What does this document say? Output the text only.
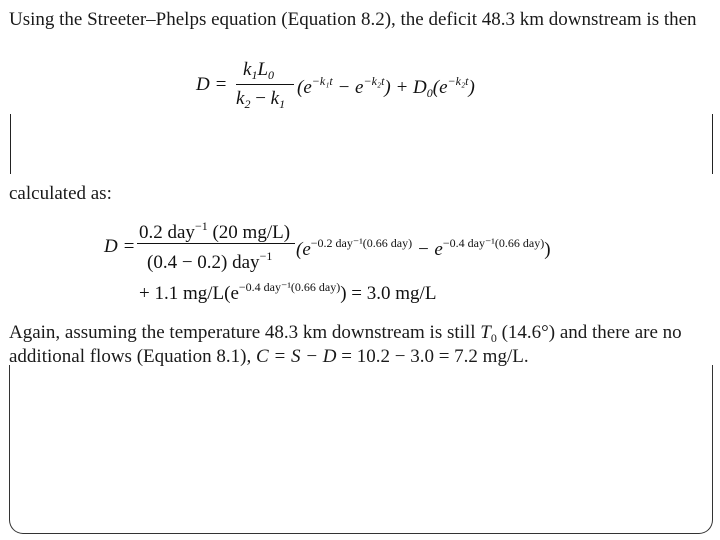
Using the Streeter–Phelps equation (Equation 8.2), the deficit 48.3 km downstream is then
D =
$k_1L_0$
$k_2 - k_1$
$(e^{-k_1t} - e^{-k_2t}) + D_0(e^{-k_2t})$
calculated as:
D =
0.2 day$^{-1}$ (20 mg/L)
(0.4 − 0.2) day$^{-1}$ $(e^{-0.2 day^{-1}(0.66 day)} - e^{-0.4 day^{-1}(0.66 day)})$
+ 1.1 $mg/L(e^{-0.4 day^{-1}(0.66 day)}) = 3.0$ mg/L
Again, assuming the temperature 48.3 km downstream is still $T_0$ (14.6°) and there are no
additional flows (Equation 8.1), C = S − D = 10.2 − 3.0 = 7.2 mg/L.
